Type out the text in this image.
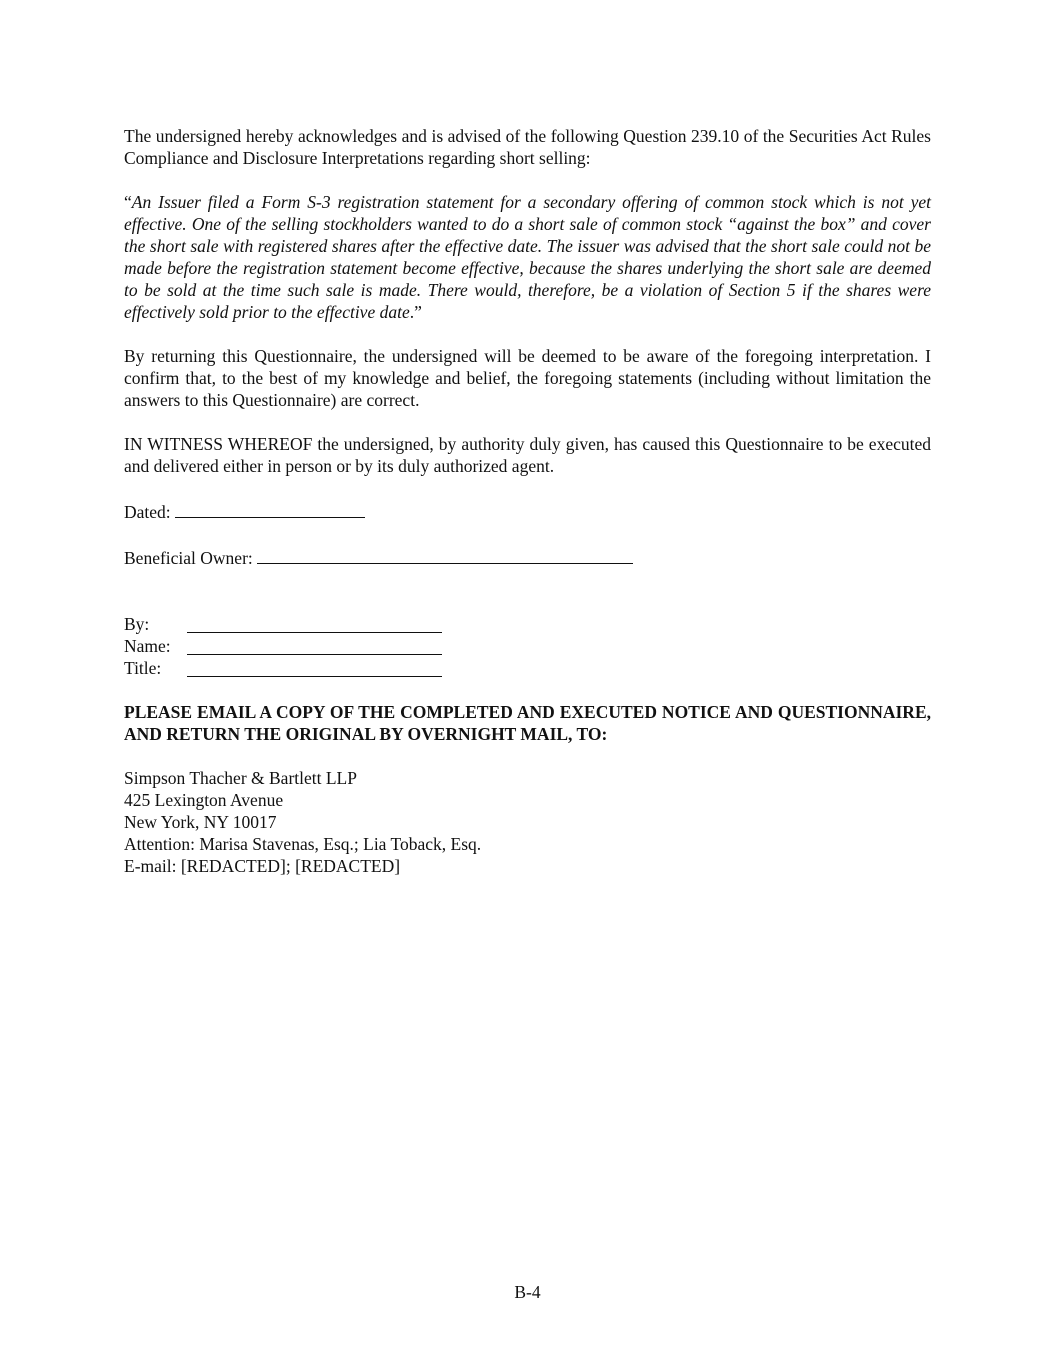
The undersigned hereby acknowledges and is advised of the following Question 239.10 of the Securities Act Rules Compliance and Disclosure Interpretations regarding short selling:

“An Issuer filed a Form S-3 registration statement for a secondary offering of common stock which is not yet effective. One of the selling stockholders wanted to do a short sale of common stock “against the box” and cover the short sale with registered shares after the effective date. The issuer was advised that the short sale could not be made before the registration statement become effective, because the shares underlying the short sale are deemed to be sold at the time such sale is made. There would, therefore, be a violation of Section 5 if the shares were effectively sold prior to the effective date.”

By returning this Questionnaire, the undersigned will be deemed to be aware of the foregoing interpretation. I confirm that, to the best of my knowledge and belief, the foregoing statements (including without limitation the answers to this Questionnaire) are correct.

IN WITNESS WHEREOF the undersigned, by authority duly given, has caused this Questionnaire to be executed and delivered either in person or by its duly authorized agent.

Dated:

Beneficial Owner:

By:
Name:
Title:

PLEASE EMAIL A COPY OF THE COMPLETED AND EXECUTED NOTICE AND QUESTIONNAIRE, AND RETURN THE ORIGINAL BY OVERNIGHT MAIL, TO:

Simpson Thacher & Bartlett LLP

425 Lexington Avenue

New York, NY 10017

Attention: Marisa Stavenas, Esq.; Lia Toback, Esq.

E-mail: [REDACTED]; [REDACTED]

B-4
